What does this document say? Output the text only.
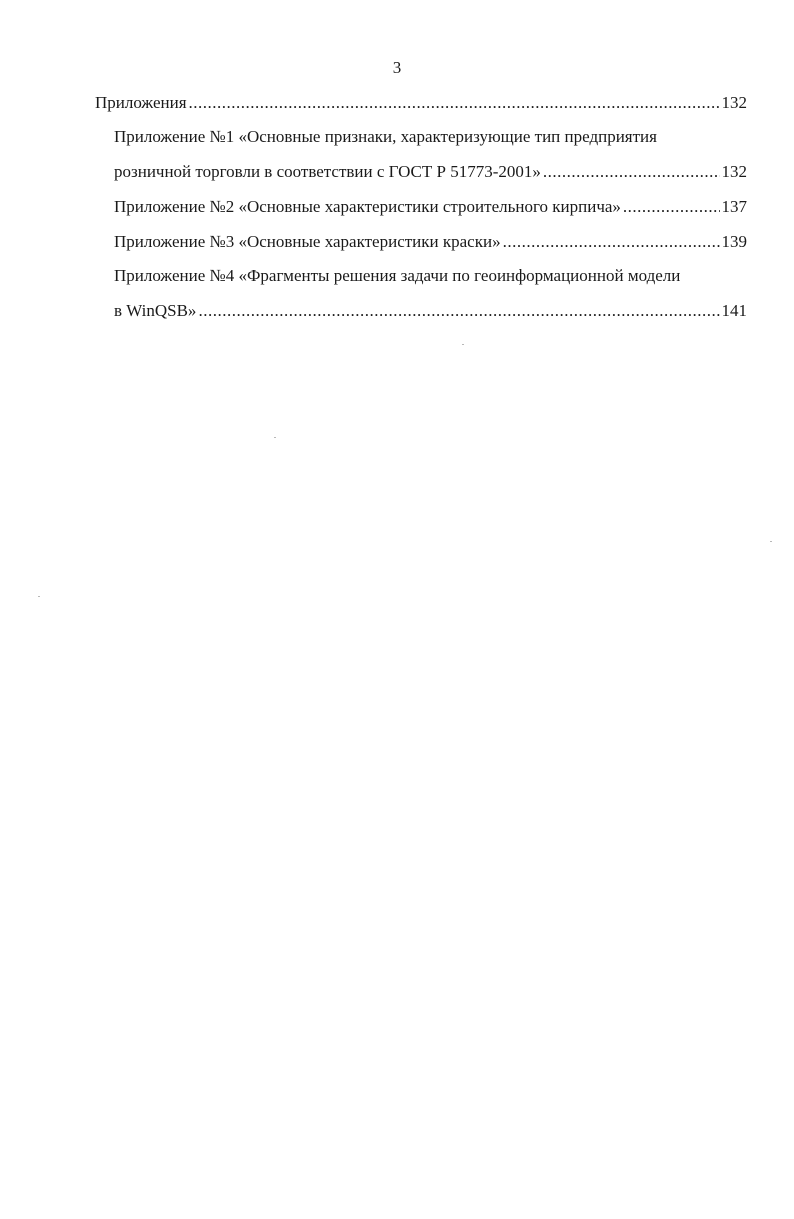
3
Приложения .....	132
Приложение №1 «Основные признаки, характеризующие тип предприятия
розничной торговли в соответствии с ГОСТ Р 51773-2001» .....	132
Приложение №2 «Основные характеристики строительного кирпича» .....	137
Приложение №3 «Основные характеристики краски» .....	139
Приложение №4 «Фрагменты решения задачи по геоинформационной модели
в WinQSB» .....	141
